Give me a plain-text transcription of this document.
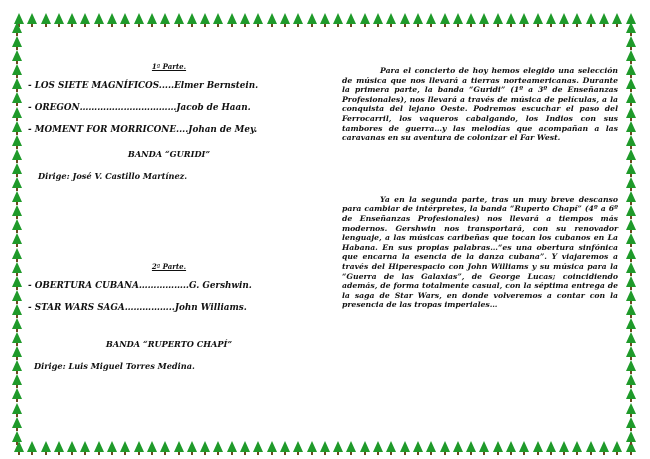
1ª Parte.
- LOS SIETE MAGNÍFICOS.....Elmer Bernstein.
- OREGON……………………………Jacob de Haan.
- MOMENT FOR MORRICONE....Johan de Mey.
BANDA “GURIDI”
Dirige: José V. Castillo Martínez.
2ª Parte.
- OBERTURA CUBANA……………..G. Gershwin.
- STAR WARS SAGA……………..John Williams.
BANDA “RUPERTO CHAPÍ”
Dirige: Luis Miguel Torres Medina.

Para el concierto de hoy hemos elegido una selección de música que nos llevará a tierras norteamericanas. Durante la primera parte, la banda “Guridi” (1º a 3º de Enseñanzas Profesionales), nos llevará a través de música de películas, a la conquista del lejano Oeste. Podremos escuchar el paso del Ferrocarril, los vaqueros cabalgando, los Indios con sus tambores de guerra…y las melodías que acompañan a las caravanas en su aventura de colonizar el Far West.

Ya en la segunda parte, tras un muy breve descanso para cambiar de intérpretes, la banda “Ruperto Chapí” (4º a 6º de Enseñanzas Profesionales) nos llevará a tiempos más modernos. Gershwin nos transportará, con su renovador lenguaje, a las músicas caribeñas que tocan los cubanos en La Habana. En sus propias palabras…“es una obertura sinfónica que encarna la esencia de la danza cubana”. Y viajaremos a través del Hiperespacio con John Williams y su música para la “Guerra de las Galaxias”, de George Lucas; coincidiendo además, de forma totalmente casual, con la séptima entrega de la saga de Star Wars, en donde volveremos a contar con la presencia de las tropas imperiales…
